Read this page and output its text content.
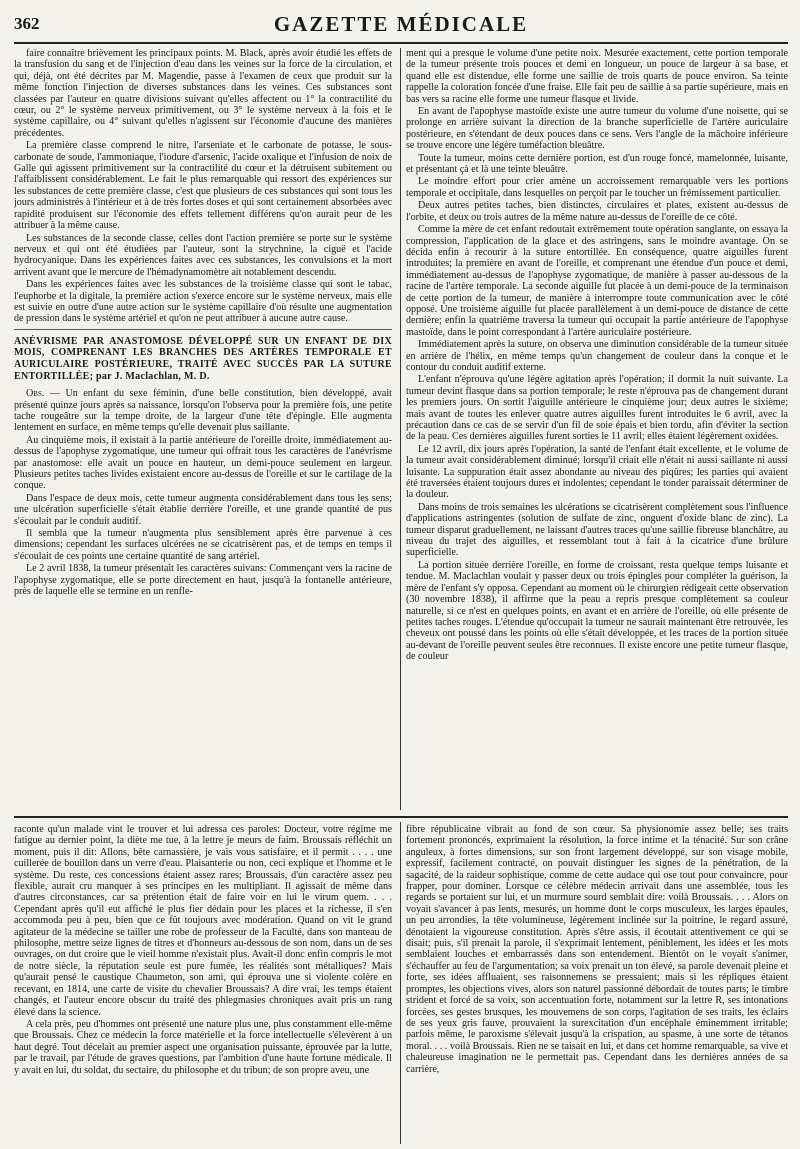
362	GAZETTE MÉDICALE

faire connaître brièvement les principaux points. M. Black, après avoir étudié les effets de la transfusion du sang et de l'injection d'eau dans les veines sur la force de la circulation, et qui, déjà, ont été décrites par M. Magendie, passe à l'examen de ceux que produit sur la même fonction l'injection de diverses substances dans les veines. Ces substances sont classées par l'auteur en quatre divisions suivant qu'elles affectent ou 1° la contractilité du cœur, ou 2° le système nerveux primitivement, ou 3° le système nerveux à la fois et le système capillaire, ou 4° suivant qu'elles n'agissent sur l'économie d'aucune des manières précédentes.

La première classe comprend le nitre, l'arseniate et le carbonate de potasse, le sous-carbonate de soude, l'ammoniaque, l'iodure d'arsenic, l'acide oxalique et l'infusion de noix de Galle qui agissent primitivement sur la contractilité du cœur et la détruisent subitement ou l'affaiblissent considérablement. Le fait le plus remarquable qui ressort des expériences sur les substances de cette première classe, c'est que plusieurs de ces substances qui sont tous les jours administrés à l'intérieur et à de très fortes doses et qui sont certainement absorbées avec rapidité produisent sur l'économie des effets tellement différens qu'on aurait peur de les attribuer à la même cause.

Les substances de la seconde classe, celles dont l'action première se porte sur le système nerveux et qui ont été étudiées par l'auteur, sont la strychnine, la ciguë et l'acide hydrocyanique. Dans les expériences faites avec ces substances, les convulsions et la mort arrivent avant que le mercure de l'hémadynamomètre ait notablement descendu.

Dans les expériences faites avec les substances de la troisième classe qui sont le tabac, l'euphorbe et la digitale, la première action s'exerce encore sur le système nerveux, mais elle est suivie en outre d'une autre action sur le système capillaire d'où résulte une augmentation de pression dans le système artériel et qu'on ne peut attribuer à aucune autre cause.

ANÉVRISME PAR ANASTOMOSE DÉVELOPPÉ SUR UN ENFANT DE DIX MOIS, COMPRENANT LES BRANCHES DES ARTÈRES TEMPORALE ET AURICULAIRE POSTÉRIEURE, TRAITÉ AVEC SUCCÈS PAR LA SUTURE ENTORTILLÉE; par J. Maclachlan, M. D.

Obs. — Un enfant du sexe féminin, d'une belle constitution, bien développé, avait présenté quinze jours après sa naissance, lorsqu'on l'observa pour la première fois, une petite tache rougeâtre sur la tempe droite, de la largeur d'une tête d'épingle. Elle augmenta lentement en surface, en même temps qu'elle devenait plus saillante.

Au cinquième mois, il existait à la partie antérieure de l'oreille droite, immédiatement au-dessus de l'apophyse zygomatique, une tumeur qui offrait tous les caractères de l'anévrisme par anastomose: elle avait un pouce en hauteur, un demi-pouce seulement en largeur. Plusieurs petites taches livides existaient encore au-dessus de l'oreille et sur le cartilage de la conque.

Dans l'espace de deux mois, cette tumeur augmenta considérablement dans tous les sens; une ulcération superficielle s'était établie derrière l'oreille, et une grande quantité de pus s'écoulait par le conduit auditif.

Il sembla que la tumeur n'augmenta plus sensiblement après être parvenue à ces dimensions; cependant les surfaces ulcérées ne se cicatrisèrent pas, et de temps en temps il s'écoulait de ces points une certaine quantité de sang artériel.

Le 2 avril 1838, la tumeur présentait les caractères suivans: Commençant vers la racine de l'apophyse zygomatique, elle se porte directement en haut, jusqu'à la fontanelle antérieure, près de laquelle elle se termine en un renfle-

ment qui a presque le volume d'une petite noix. Mesurée exactement, cette portion temporale de la tumeur présente trois pouces et demi en longueur, un pouce de largeur à sa base, et quand elle est distendue, elle forme une saillie de trois quarts de pouce environ. Sa teinte rappelle la coloration foncée d'une fraise. Elle fait peu de saillie à sa partie supérieure, mais en bas vers sa racine elle forme une tumeur flasque et livide.

En avant de l'apophyse mastoïde existe une autre tumeur du volume d'une noisette, qui se prolonge en arrière suivant la direction de la branche superficielle de l'artère auriculaire postérieure, en s'étendant de deux pouces dans ce sens. Vers l'angle de la mâchoire inférieure se trouve encore une légère tuméfaction bleuâtre.

Toute la tumeur, moins cette dernière portion, est d'un rouge foncé, mamelonnée, luisante, et présentant çà et là une teinte bleuâtre.

Le moindre effort pour crier amène un accroissement remarquable vers les portions temporale et occipitale, dans lesquelles on perçoit par le toucher un frémissement particulier.

Deux autres petites taches, bien distinctes, circulaires et plates, existent au-dessus de l'orbite, et deux ou trois autres de la même nature au-dessus de l'oreille de ce côté.

Comme la mère de cet enfant redoutait extrêmement toute opération sanglante, on essaya la compression, l'application de la glace et des astringens, sans le moindre avantage. On se décida enfin à recourir à la suture entortillée. En conséquence, quatre aiguilles furent introduites; la première en avant de l'oreille, et comprenant une étendue d'un pouce et demi, immédiatement au-dessus de l'apophyse zygomatique, de manière à passer au-dessous de la racine de l'artère temporale. La seconde aiguille fut placée à un demi-pouce de la terminaison de cette portion de la tumeur, de manière à interrompre toute communication avec le côté opposé. Une troisième aiguille fut placée parallèlement à un demi-pouce de distance de cette dernière; enfin la quatrième traversa la tumeur qui occupait la partie antérieure de l'apophyse mastoïde, dans le point correspondant à l'artère auriculaire postérieure.

Immédiatement après la suture, on observa une diminution considérable de la tumeur située en arrière de l'hélix, en même temps qu'un changement de couleur dans la conque et le contour du conduit auditif externe.

L'enfant n'éprouva qu'une légère agitation après l'opération; il dormit la nuit suivante. La tumeur devint flasque dans sa portion temporale; le reste n'éprouva pas de changement durant les premiers jours. On sortit l'aiguille antérieure le cinquième jour; deux autres le sixième; mais avant de toutes les enlever quatre autres aiguilles furent introduites le 6 avril, avec la précaution dans ce cas de se servir d'un fil de soie épais et bien tordu, afin d'éviter la section de la peau. Ces dernières aiguilles furent sorties le 11 avril; elles étaient légèrement oxidées.

Le 12 avril, dix jours après l'opération, la santé de l'enfant était excellente, et le volume de la tumeur avait considérablement diminué; lorsqu'il criait elle n'était ni aussi saillante ni aussi luisante. La suppuration était assez abondante au niveau des piqûres; les parties qui avaient été traversées étaient toujours dures et indolentes; cependant le tonder paraissait déterminer de la douleur.

Dans moins de trois semaines les ulcérations se cicatrisèrent complètement sous l'influence d'applications astringentes (solution de sulfate de zinc, onguent d'oxide blanc de zinc). La tumeur disparut graduellement, ne laissant d'autres traces qu'une saillie fibreuse blanchâtre, au niveau du trajet des aiguilles, et ressemblant tout à fait à la cicatrice d'une brûlure superficielle.

La portion située derrière l'oreille, en forme de croissant, resta quelque temps luisante et tendue. M. Maclachlan voulait y passer deux ou trois épingles pour compléter la guérison, la mère de l'enfant s'y opposa. Cependant au moment où le chirurgien rédigeait cette observation (30 novembre 1838), il affirme que la peau a repris presque complètement sa couleur naturelle, si ce n'est en quelques points, en avant et en arrière de l'oreille, où elle présente de petites taches rouges. L'étendue qu'occupait la tumeur ne saurait maintenant être retrouvée, les cheveux ont poussé dans les points où elle s'était développée, et les traces de la portion située au-devant de l'oreille peuvent seules être reconnues. Il existe encore une petite tumeur flasque, de couleur

raconte qu'un malade vint le trouver et lui adressa ces paroles: Docteur, votre régime me fatigue au dernier point, la diète me tue, à la lettre je meurs de faim. Broussais réfléchit un moment, puis il dit: Allons, bête carnassière, je vais vous satisfaire, et il permit . . . . une cuillerée de bouillon dans un verre d'eau. Plaisanterie ou non, ceci explique et l'homme et le système. Du reste, ces concessions étaient assez rares; Broussais, d'un caractère assez peu flexible, aurait cru manquer à ses principes en les multipliant. Il agissait de même dans d'autres circonstances, car sa prétention était de faire voir en lui le virum quem. . . . Cependant après qu'il eut affiché le plus fier dédain pour les places et la richesse, il s'en accommoda peu à peu, bien que ce fût toujours avec modération. Quand on vit le grand agitateur de la médecine se tailler une robe de professeur de la Faculté, dans son manteau de philosophe, mettre seize lignes de titres et d'honneurs au-dessous de son nom, dans un de ses ouvrages, on dut croire que le vieil homme n'existait plus. Avait-il donc enfin compris le mot de notre siècle, la réputation seule est pure fumée, les réalités sont métalliques? Mais qu'aurait pensé le caustique Chaumeton, son ami, qui éprouva une si violente colère en recevant, en 1814, une carte de visite du chevalier Broussais? A dire vrai, les temps étaient changés, et l'auteur encore obscur du traité des phlegmasies chroniques avait pris un rang élevé dans la science.

A cela près, peu d'hommes ont présenté une nature plus une, plus constamment elle-même que Broussais. Chez ce médecin la force matérielle et la force intellectuelle s'élevèrent à un haut degré. Tout décelait au premier aspect une organisation puissante, éprouvée par la lutte, par le travail, par l'étude de graves questions, par l'ambition d'une haute fortune médicale. Il y avait en lui, du soldat, du sectaire, du philosophe et du tribun; de son propre aveu, une

fibre républicaine vibrait au fond de son cœur. Sa physionomie assez belle; ses traits fortement prononcés, exprimaient la résolution, la force intime et la ténacité. Sur son crâne anguleux, à fortes dimensions, sur son front largement développé, sur son visage mobile, expressif, facilement contracté, on pouvait distinguer les signes de la pénétration, de la sagacité, de la raideur sophistique, comme de cette audace qui ose tout pour convaincre, pour frapper, pour dominer. Lorsque ce célèbre médecin arrivait dans une assemblée, tous les regards se portaient sur lui, et un murmure sourd semblait dire: voilà Broussais. . . . Alors on voyait s'avancer à pas lents, mesurés, un homme dont le corps musculeux, les larges épaules, un peu arrondies, la tête volumineuse, légèrement inclinée sur la poitrine, le regard assuré, dénotaient la vigoureuse constitution. Après s'être assis, il écoutait attentivement ce qui se disait; puis, s'il prenait la parole, il s'exprimait lentement, péniblement, les idées et les mots semblaient louches et embarrassés dans son entendement. Bientôt on le voyait s'animer, s'échauffer au feu de l'argumentation; sa voix prenait un ton élevé, sa parole devenait pleine et forte, ses idées affluaient, ses raisonnemens se pressaient; mais si les répliques étaient promptes, les objections vives, alors son naturel passionné débordait de toutes parts; le timbre strident et forcé de sa voix, son accentuation forte, notamment sur la lettre R, ses intonations forcées, ses gestes brusques, les mouvemens de son corps, l'agitation de ses traits, les éclairs de ses yeux gris fauve, prouvaient la surexcitation d'un encéphale éminemment irritable; parfois même, le paroxisme s'élevait jusqu'à la crispation, au spasme, à une sorte de tétanos moral. . . . voilà Broussais. Rien ne se taisait en lui, et dans cet homme remarquable, sa vive et chaleureuse imagination ne le permettait pas. Cependant dans les dernières années de sa carrière,
